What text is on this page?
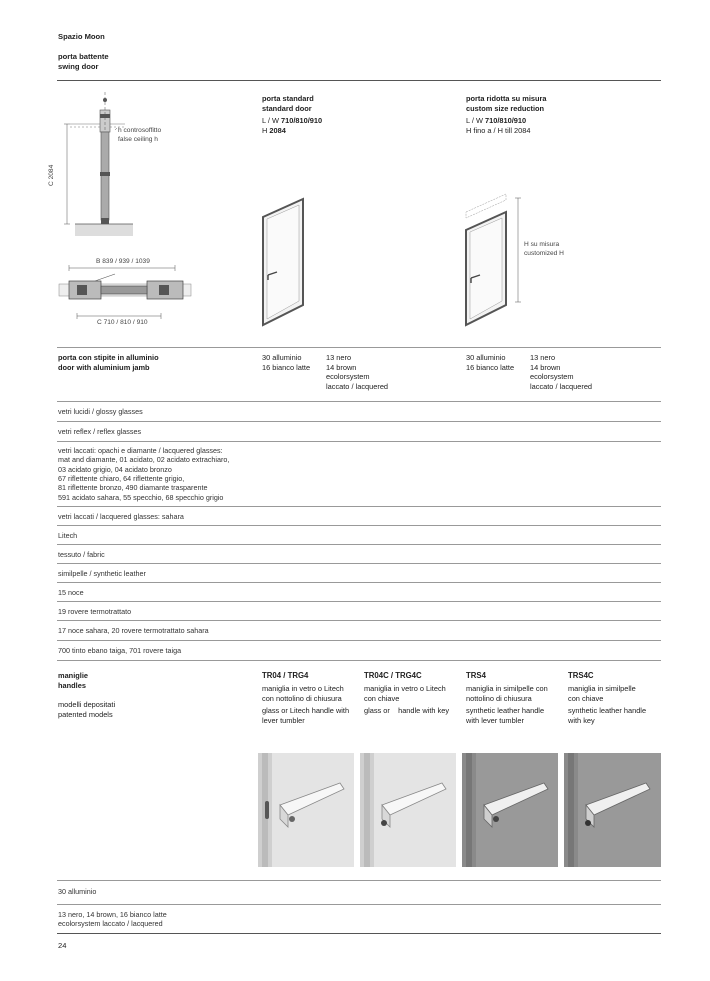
Spazio Moon
porta battente
swing door
h controsoffitto
false ceiling h
C 2084
B 839 / 939 / 1039
C 710 / 810 / 910
porta standard
standard door
L / W 710/810/910
H 2084
porta ridotta su misura
custom size reduction
L / W 710/810/910
H fino a / H till 2084
H su misura
customized H
porta con stipite in alluminio
door with aluminium jamb
30 alluminio
16 bianco latte
13 nero
14 brown
ecolorsystem
laccato / lacquered
30 alluminio
16 bianco latte
13 nero
14 brown
ecolorsystem
laccato / lacquered
vetri lucidi / glossy glasses
vetri reflex / reflex glasses
vetri laccati: opachi e diamante / lacquered glasses:
mat and diamante, 01 acidato, 02 acidato extrachiaro,
03 acidato grigio, 04 acidato bronzo
67 riflettente chiaro, 64 riflettente grigio,
81 riflettente bronzo, 490 diamante trasparente
591 acidato sahara, 55 specchio, 68 specchio grigio
vetri laccati / lacquered glasses: sahara
Litech
tessuto / fabric
similpelle / synthetic leather
15 noce
19 rovere termotrattato
17 noce sahara, 20 rovere termotrattato sahara
700 tinto ebano taiga, 701 rovere taiga
maniglie
handles
modelli depositati
patented models
TR04 / TRG4
maniglia in vetro o Litech
con nottolino di chiusura
glass or Litech handle with
lever tumbler
TR04C / TRG4C
maniglia in vetro o Litech
con chiave
glass or    handle with key
TRS4
maniglia in similpelle con
nottolino di chiusura
synthetic leather handle
with lever tumbler
TRS4C
maniglia in similpelle
con chiave
synthetic leather handle
with key
30 alluminio
13 nero, 14 brown, 16 bianco latte
ecolorsystem laccato / lacquered
24
